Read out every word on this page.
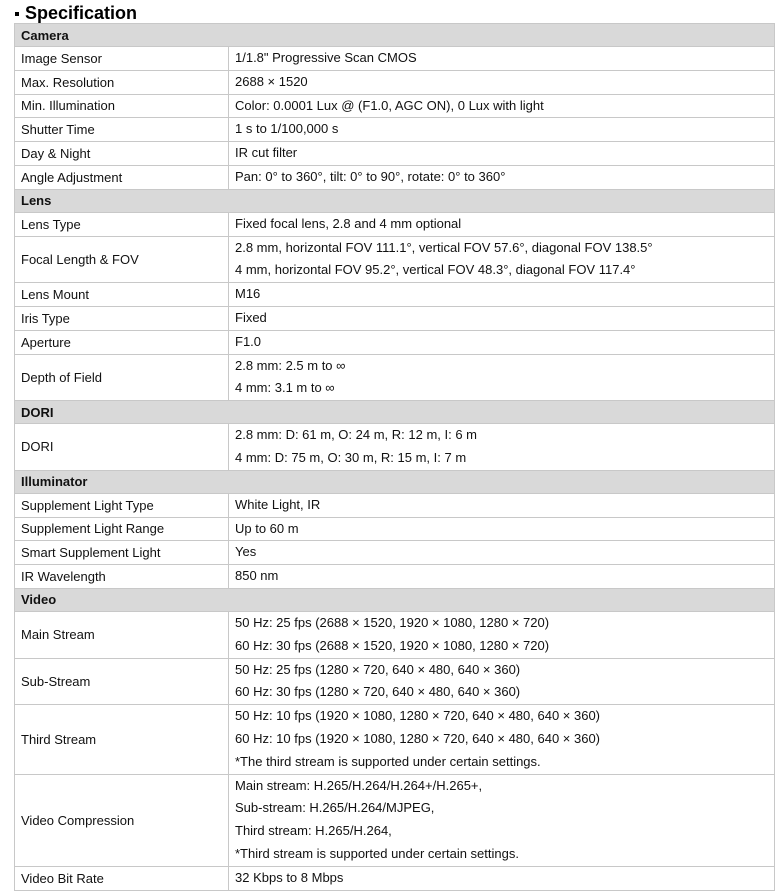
Specification
Camera	
Image Sensor	1/1.8" Progressive Scan CMOS

Max. Resolution	2688 × 1520

Min. Illumination	Color: 0.0001 Lux @ (F1.0, AGC ON), 0 Lux with light

Shutter Time	1 s to 1/100,000 s

Day & Night	IR cut filter

Angle Adjustment	Pan: 0° to 360°, tilt: 0° to 90°, rotate: 0° to 360°

Lens	
Lens Type	Fixed focal lens, 2.8 and 4 mm optional

Focal Length & FOV	2.8 mm, horizontal FOV 111.1°, vertical FOV 57.6°, diagonal FOV 138.5°
4 mm, horizontal FOV 95.2°, vertical FOV 48.3°, diagonal FOV 117.4°

Lens Mount	M16

Iris Type	Fixed

Aperture	F1.0

Depth of Field	2.8 mm: 2.5 m to ∞
4 mm: 3.1 m to ∞

DORI	
DORI	2.8 mm: D: 61 m, O: 24 m, R: 12 m, I: 6 m
4 mm: D: 75 m, O: 30 m, R: 15 m, I: 7 m

Illuminator	
Supplement Light Type	White Light, IR

Supplement Light Range	Up to 60 m

Smart Supplement Light	Yes

IR Wavelength	850 nm

Video	
Main Stream	50 Hz: 25 fps (2688 × 1520, 1920 × 1080, 1280 × 720)
60 Hz: 30 fps (2688 × 1520, 1920 × 1080, 1280 × 720)

Sub-Stream	50 Hz: 25 fps (1280 × 720, 640 × 480, 640 × 360)
60 Hz: 30 fps (1280 × 720, 640 × 480, 640 × 360)

Third Stream	50 Hz: 10 fps (1920 × 1080, 1280 × 720, 640 × 480, 640 × 360)
60 Hz: 10 fps (1920 × 1080, 1280 × 720, 640 × 480, 640 × 360)
*The third stream is supported under certain settings.

Video Compression	Main stream: H.265/H.264/H.264+/H.265+,
Sub-stream: H.265/H.264/MJPEG,
Third stream: H.265/H.264,
*Third stream is supported under certain settings.

Video Bit Rate	32 Kbps to 8 Mbps
